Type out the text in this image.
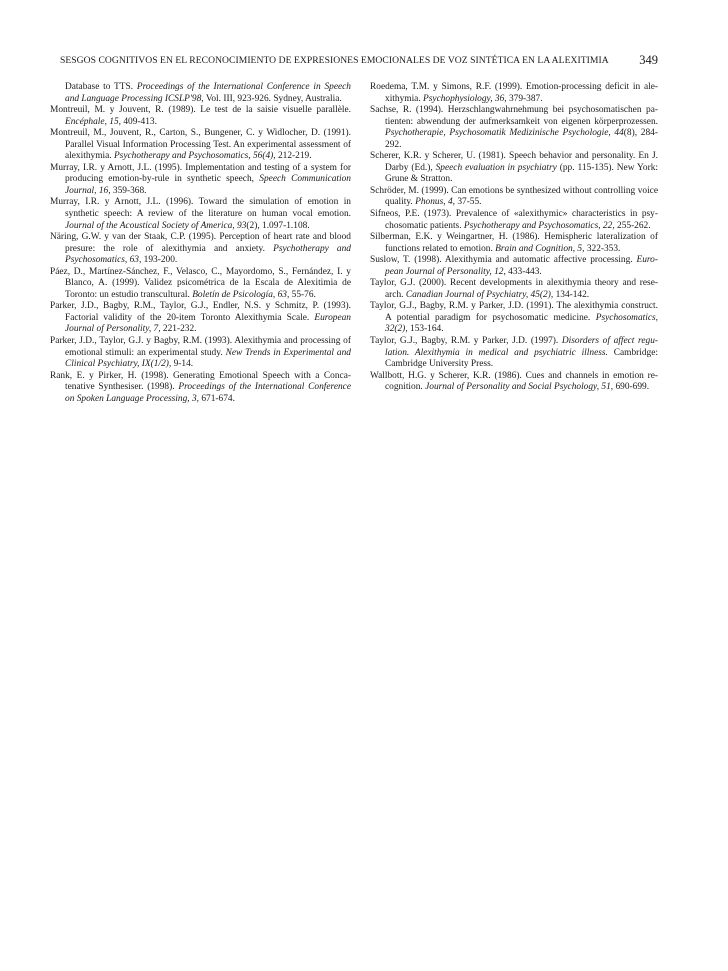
SESGOS COGNITIVOS EN EL RECONOCIMIENTO DE EXPRESIONES EMOCIONALES DE VOZ SINTÉTICA EN LA ALEXITIMIA 349

Database to TTS. Proceedings of the International Conference in Speech and Language Processing ICSLP'98, Vol. III, 923-926. Sydney, Australia.

Montreuil, M. y Jouvent, R. (1989). Le test de la saisie visuelle parallèle. Encéphale, 15, 409-413.

Montreuil, M., Jouvent, R., Carton, S., Bungener, C. y Widlocher, D. (1991). Parallel Visual Information Processing Test. An experimental assessment of alexithymia. Psychotherapy and Psychosomatics, 56(4), 212-219.

Murray, I.R. y Arnott, J.L. (1995). Implementation and testing of a system for producing emotion-by-rule in synthetic speech, Speech Communication Journal, 16, 359-368.

Murray, I.R. y Arnott, J.L. (1996). Toward the simulation of emotion in synthetic speech: A review of the literature on human vocal emotion. Journal of the Acoustical Society of America, 93(2), 1.097-1.108.

Näring, G.W. y van der Staak, C.P. (1995). Perception of heart rate and blood presure: the role of alexithymia and anxiety. Psychotherapy and Psychosomatics, 63, 193-200.

Páez, D., Martínez-Sánchez, F., Velasco, C., Mayordomo, S., Fernández, I. y Blanco, A. (1999). Validez psicométrica de la Escala de Alexitimia de Toronto: un estudio transcultural. Boletín de Psicología, 63, 55-76.

Parker, J.D., Bagby, R.M., Taylor, G.J., Endler, N.S. y Schmitz, P. (1993). Factorial validity of the 20-item Toronto Alexithymia Scale. European Journal of Personality, 7, 221-232.

Parker, J.D., Taylor, G.J. y Bagby, R.M. (1993). Alexithymia and processing of emotional stimuli: an experimental study. New Trends in Experimental and Clinical Psychiatry, IX(1/2), 9-14.

Rank, E. y Pirker, H. (1998). Generating Emotional Speech with a Concatenative Synthesiser. (1998). Proceedings of the International Conference on Spoken Language Processing, 3, 671-674.

Roedema, T.M. y Simons, R.F. (1999). Emotion-processing deficit in alexithymia. Psychophysiology, 36, 379-387.

Sachse, R. (1994). Herzschlangwahrnehmung bei psychosomatischen patienten: abwendung der aufmerksamkeit von eigenen körperprozessen. Psychotherapie, Psychosomatik Medizinische Psychologie, 44(8), 284-292.

Scherer, K.R. y Scherer, U. (1981). Speech behavior and personality. En J. Darby (Ed.), Speech evaluation in psychiatry (pp. 115-135). New York: Grune & Stratton.

Schröder, M. (1999). Can emotions be synthesized without controlling voice quality. Phonus, 4, 37-55.

Sifneos, P.E. (1973). Prevalence of «alexithymic» characteristics in psychosomatic patients. Psychotherapy and Psychosomatics, 22, 255-262.

Silberman, E.K. y Weingartner, H. (1986). Hemispheric lateralization of functions related to emotion. Brain and Cognition, 5, 322-353.

Suslow, T. (1998). Alexithymia and automatic affective processing. European Journal of Personality, 12, 433-443.

Taylor, G.J. (2000). Recent developments in alexithymia theory and research. Canadian Journal of Psychiatry, 45(2), 134-142.

Taylor, G.J., Bagby, R.M. y Parker, J.D. (1991). The alexithymia construct. A potential paradigm for psychosomatic medicine. Psychosomatics, 32(2), 153-164.

Taylor, G.J., Bagby, R.M. y Parker, J.D. (1997). Disorders of affect regulation. Alexithymia in medical and psychiatric illness. Cambridge: Cambridge University Press.

Wallbott, H.G. y Scherer, K.R. (1986). Cues and channels in emotion recognition. Journal of Personality and Social Psychology, 51, 690-699.
